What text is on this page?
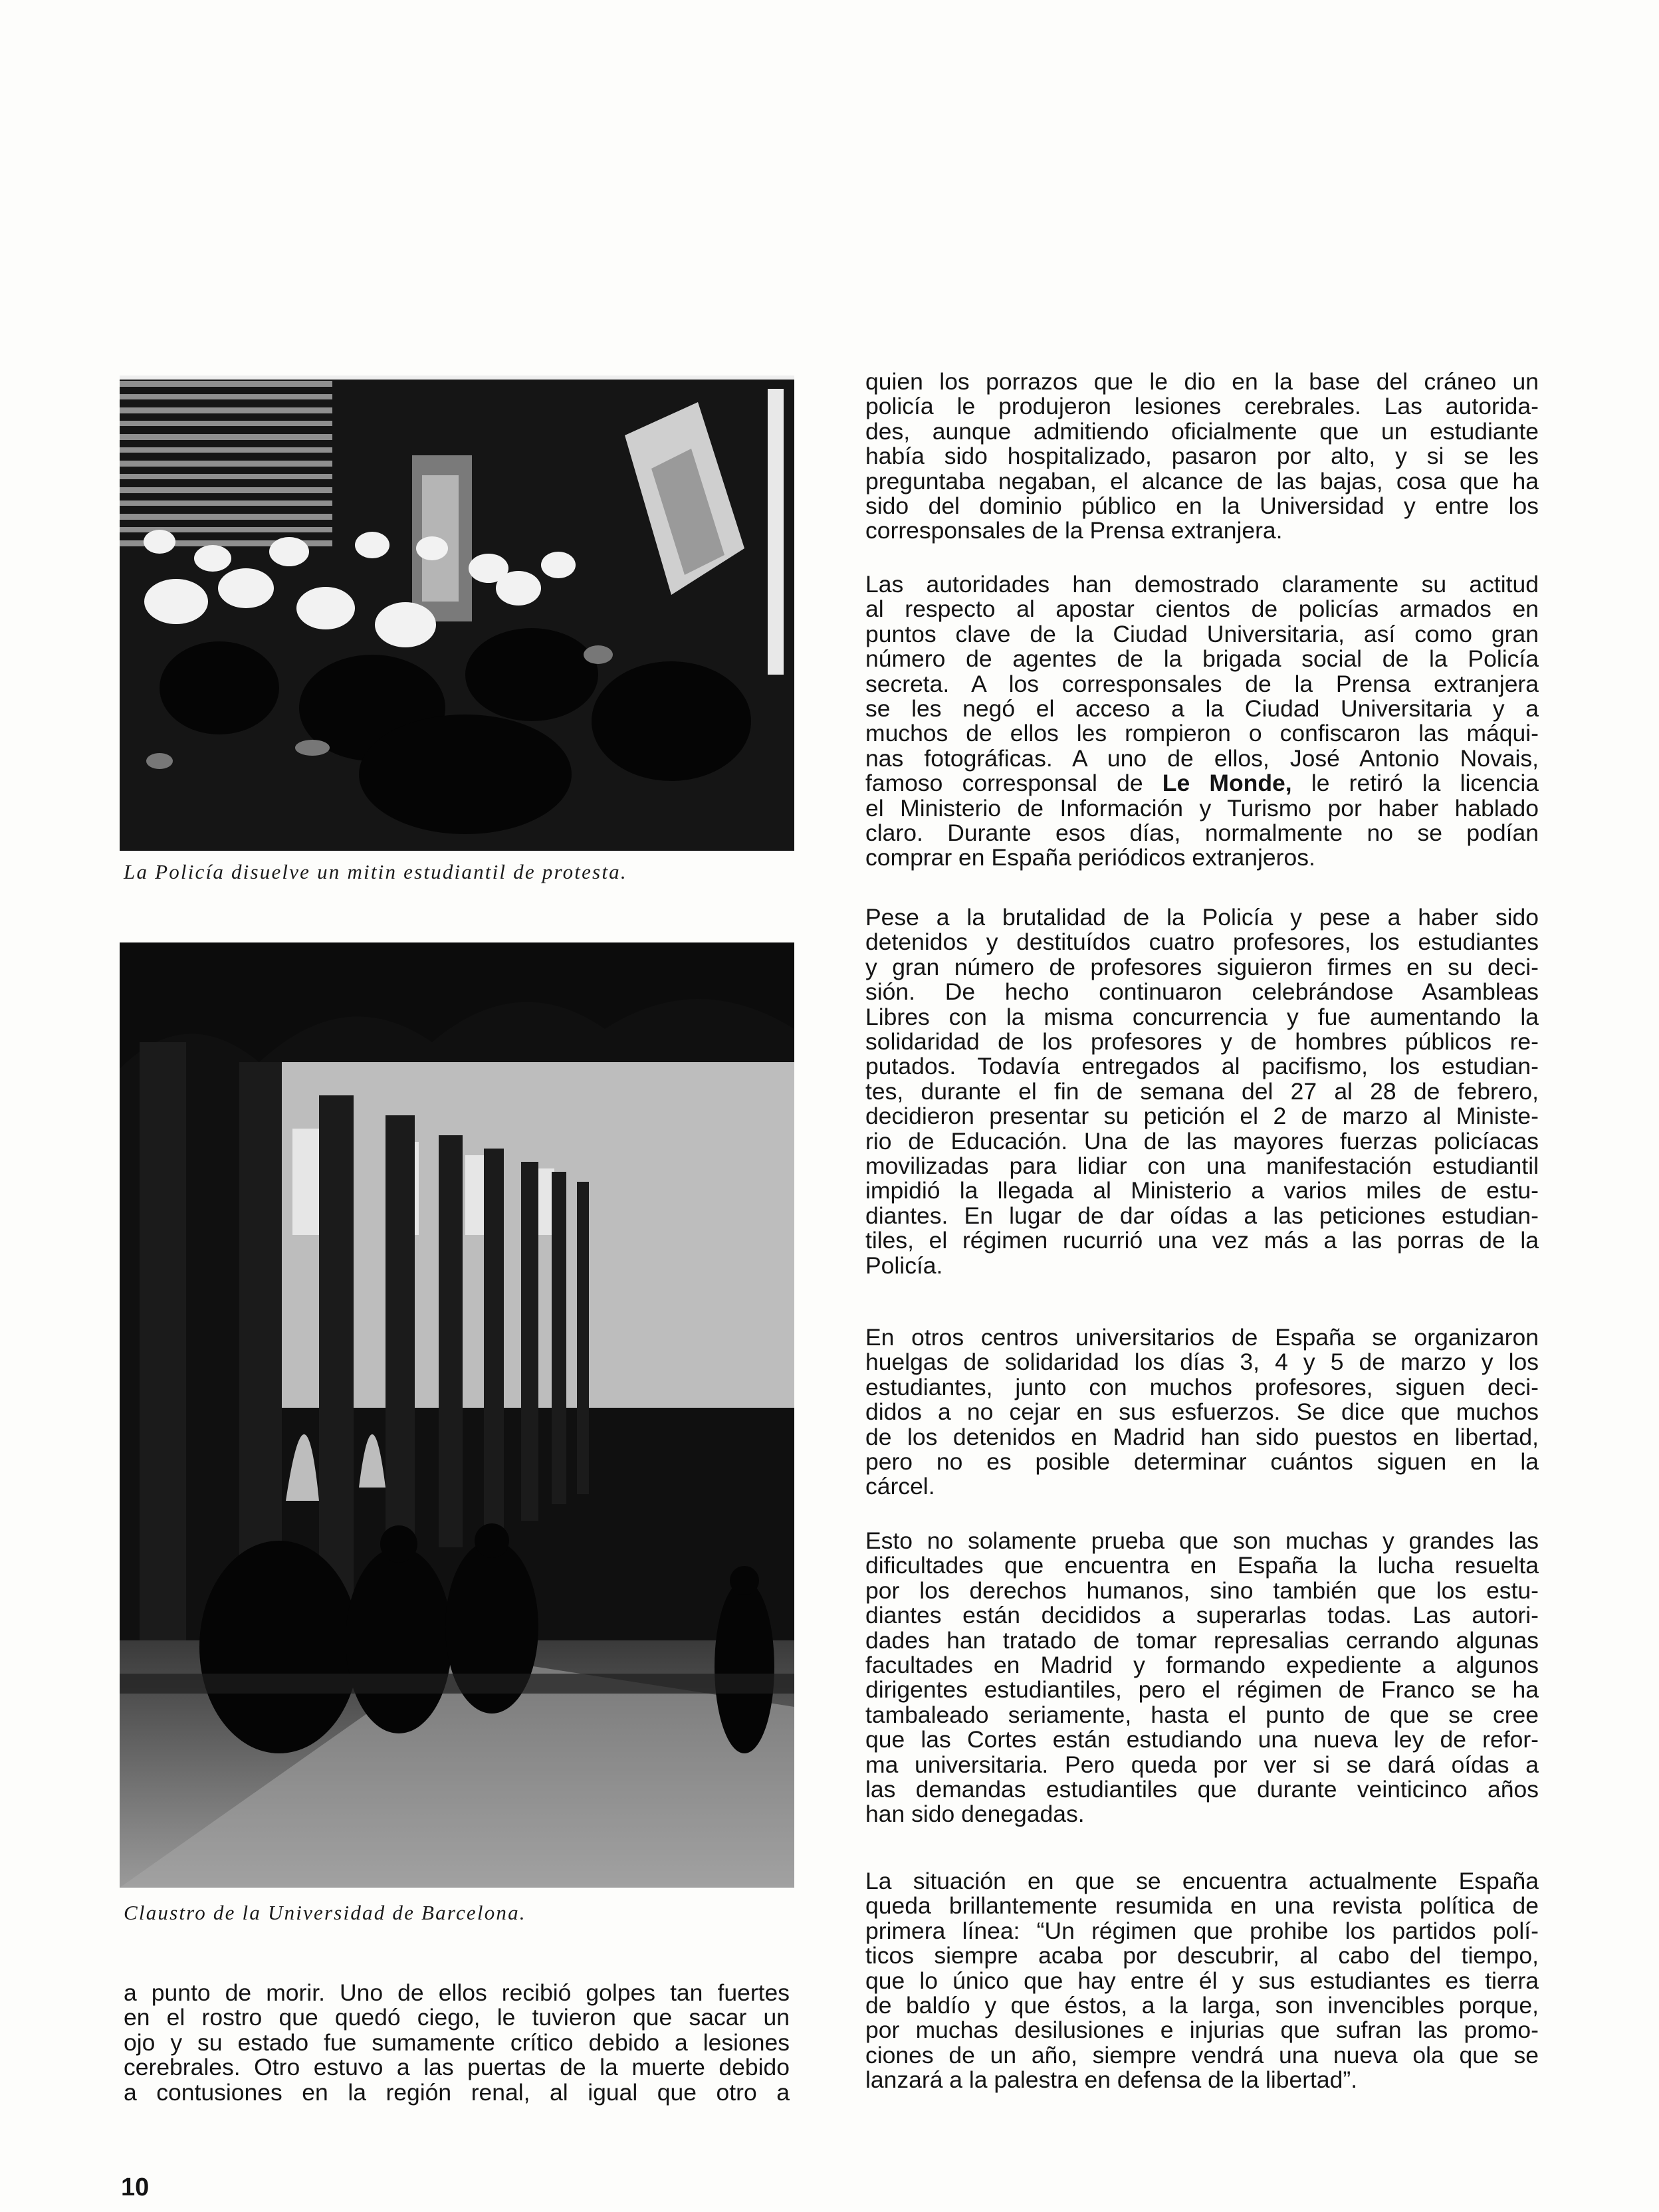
La Policía disuelve un mitin estudiantil de protesta.
Claustro de la Universidad de Barcelona.

a punto de morir. Uno de ellos recibió golpes tan fuertes
en el rostro que quedó ciego, le tuvieron que sacar un
ojo y su estado fue sumamente crítico debido a lesiones
cerebrales. Otro estuvo a las puertas de la muerte debido
a contusiones en la región renal, al igual que otro a

quien los porrazos que le dio en la base del cráneo un
policía le produjeron lesiones cerebrales. Las autorida-
des, aunque admitiendo oficialmente que un estudiante
había sido hospitalizado, pasaron por alto, y si se les
preguntaba negaban, el alcance de las bajas, cosa que ha
sido del dominio público en la Universidad y entre los
corresponsales de la Prensa extranjera.

Las autoridades han demostrado claramente su actitud
al respecto al apostar cientos de policías armados en
puntos clave de la Ciudad Universitaria, así como gran
número de agentes de la brigada social de la Policía
secreta. A los corresponsales de la Prensa extranjera
se les negó el acceso a la Ciudad Universitaria y a
muchos de ellos les rompieron o confiscaron las máqui-
nas fotográficas. A uno de ellos, José Antonio Novais,
famoso corresponsal de Le Monde, le retiró la licencia
el Ministerio de Información y Turismo por haber hablado
claro. Durante esos días, normalmente no se podían
comprar en España periódicos extranjeros.

Pese a la brutalidad de la Policía y pese a haber sido
detenidos y destituídos cuatro profesores, los estudiantes
y gran número de profesores siguieron firmes en su deci-
sión. De hecho continuaron celebrándose Asambleas
Libres con la misma concurrencia y fue aumentando la
solidaridad de los profesores y de hombres públicos re-
putados. Todavía entregados al pacifismo, los estudian-
tes, durante el fin de semana del 27 al 28 de febrero,
decidieron presentar su petición el 2 de marzo al Ministe-
rio de Educación. Una de las mayores fuerzas policíacas
movilizadas para lidiar con una manifestación estudiantil
impidió la llegada al Ministerio a varios miles de estu-
diantes. En lugar de dar oídas a las peticiones estudian-
tiles, el régimen rucurrió una vez más a las porras de la
Policía.

En otros centros universitarios de España se organizaron
huelgas de solidaridad los días 3, 4 y 5 de marzo y los
estudiantes, junto con muchos profesores, siguen deci-
didos a no cejar en sus esfuerzos. Se dice que muchos
de los detenidos en Madrid han sido puestos en libertad,
pero no es posible determinar cuántos siguen en la
cárcel.

Esto no solamente prueba que son muchas y grandes las
dificultades que encuentra en España la lucha resuelta
por los derechos humanos, sino también que los estu-
diantes están decididos a superarlas todas. Las autori-
dades han tratado de tomar represalias cerrando algunas
facultades en Madrid y formando expediente a algunos
dirigentes estudiantiles, pero el régimen de Franco se ha
tambaleado seriamente, hasta el punto de que se cree
que las Cortes están estudiando una nueva ley de refor-
ma universitaria. Pero queda por ver si se dará oídas a
las demandas estudiantiles que durante veinticinco años
han sido denegadas.

La situación en que se encuentra actualmente España
queda brillantemente resumida en una revista política de
primera línea: “Un régimen que prohibe los partidos polí-
ticos siempre acaba por descubrir, al cabo del tiempo,
que lo único que hay entre él y sus estudiantes es tierra
de baldío y que éstos, a la larga, son invencibles porque,
por muchas desilusiones e injurias que sufran las promo-
ciones de un año, siempre vendrá una nueva ola que se
lanzará a la palestra en defensa de la libertad”.

10
